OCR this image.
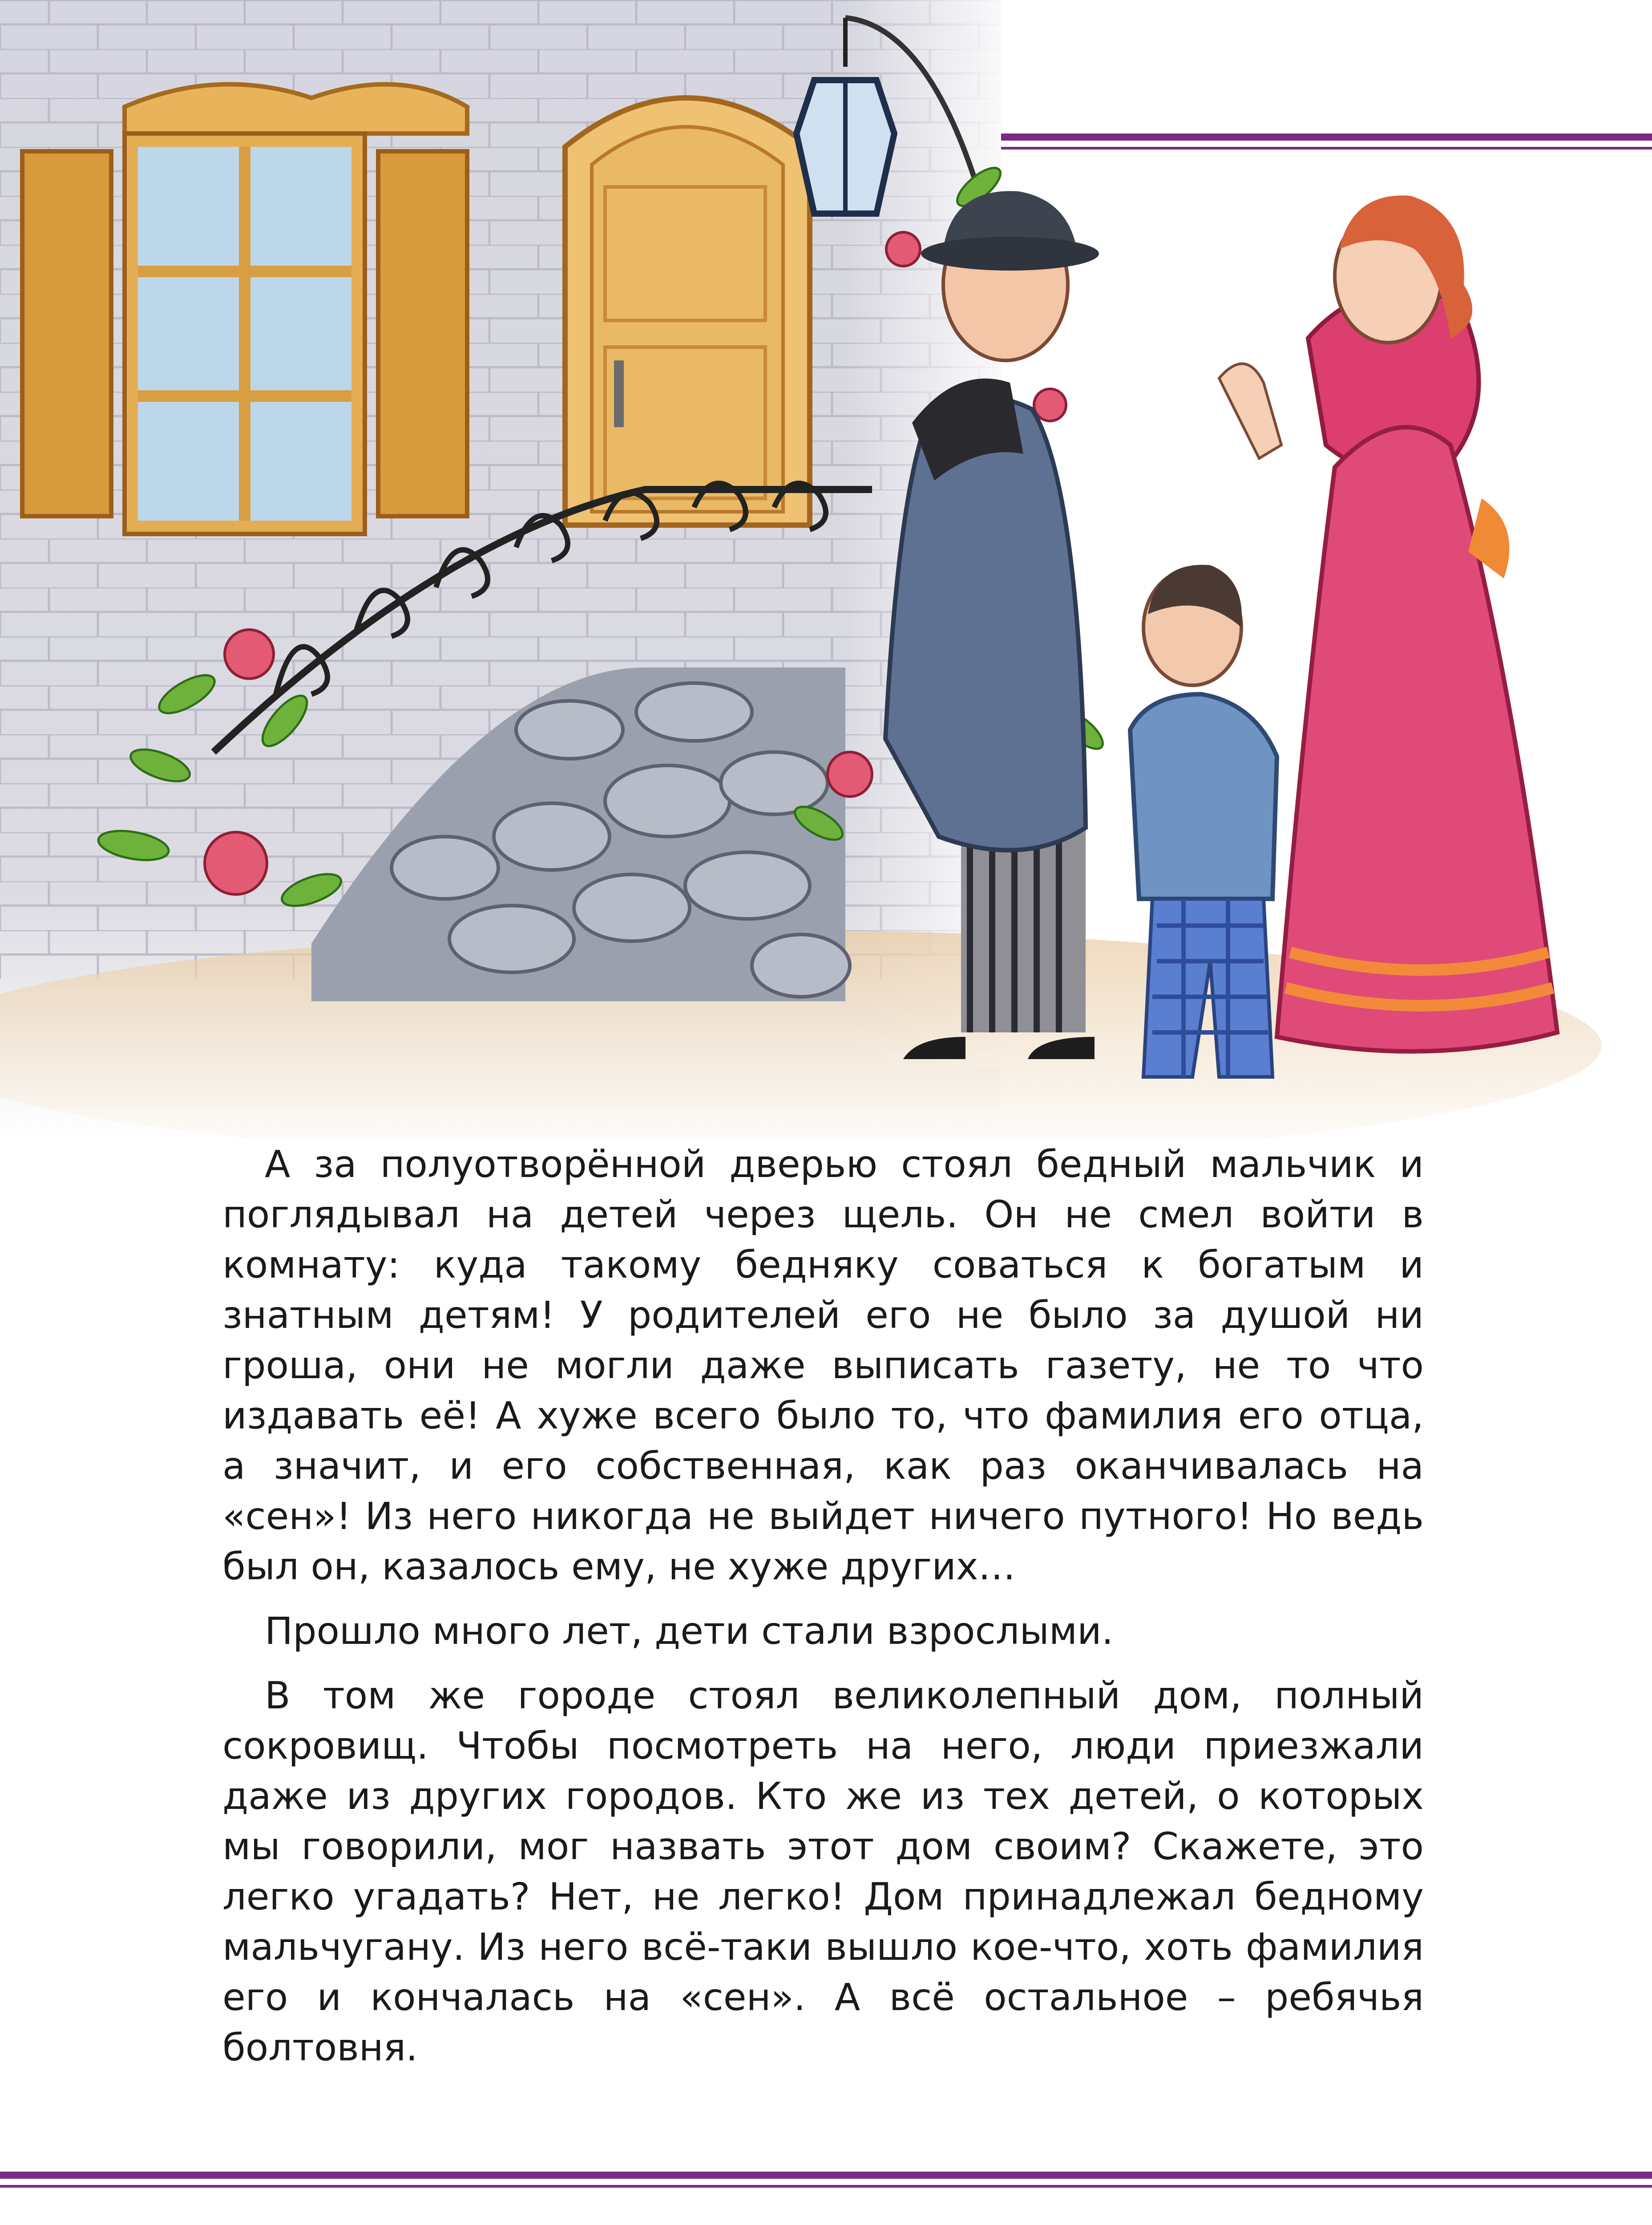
А за полуотворённой дверью стоял бедный мальчик и поглядывал на детей через щель. Он не смел войти в комнату: куда такому бедняку соваться к богатым и знатным детям! У родителей его не было за душой ни гроша, они не могли даже выписать газету, не то что издавать её! А хуже всего было то, что фамилия его отца, а значит, и его собственная, как раз оканчивалась на «сен»! Из него никогда не выйдет ничего путного! Но ведь был он, казалось ему, не хуже других…

Прошло много лет, дети стали взрослыми.

В том же городе стоял великолепный дом, полный сокровищ. Чтобы посмотреть на него, люди приезжали даже из других городов. Кто же из тех детей, о которых мы говорили, мог назвать этот дом своим? Скажете, это легко угадать? Нет, не легко! Дом принадлежал бедному мальчугану. Из него всё-таки вышло кое-что, хоть фамилия его и кончалась на «сен». А всё остальное – ребячья болтовня.
